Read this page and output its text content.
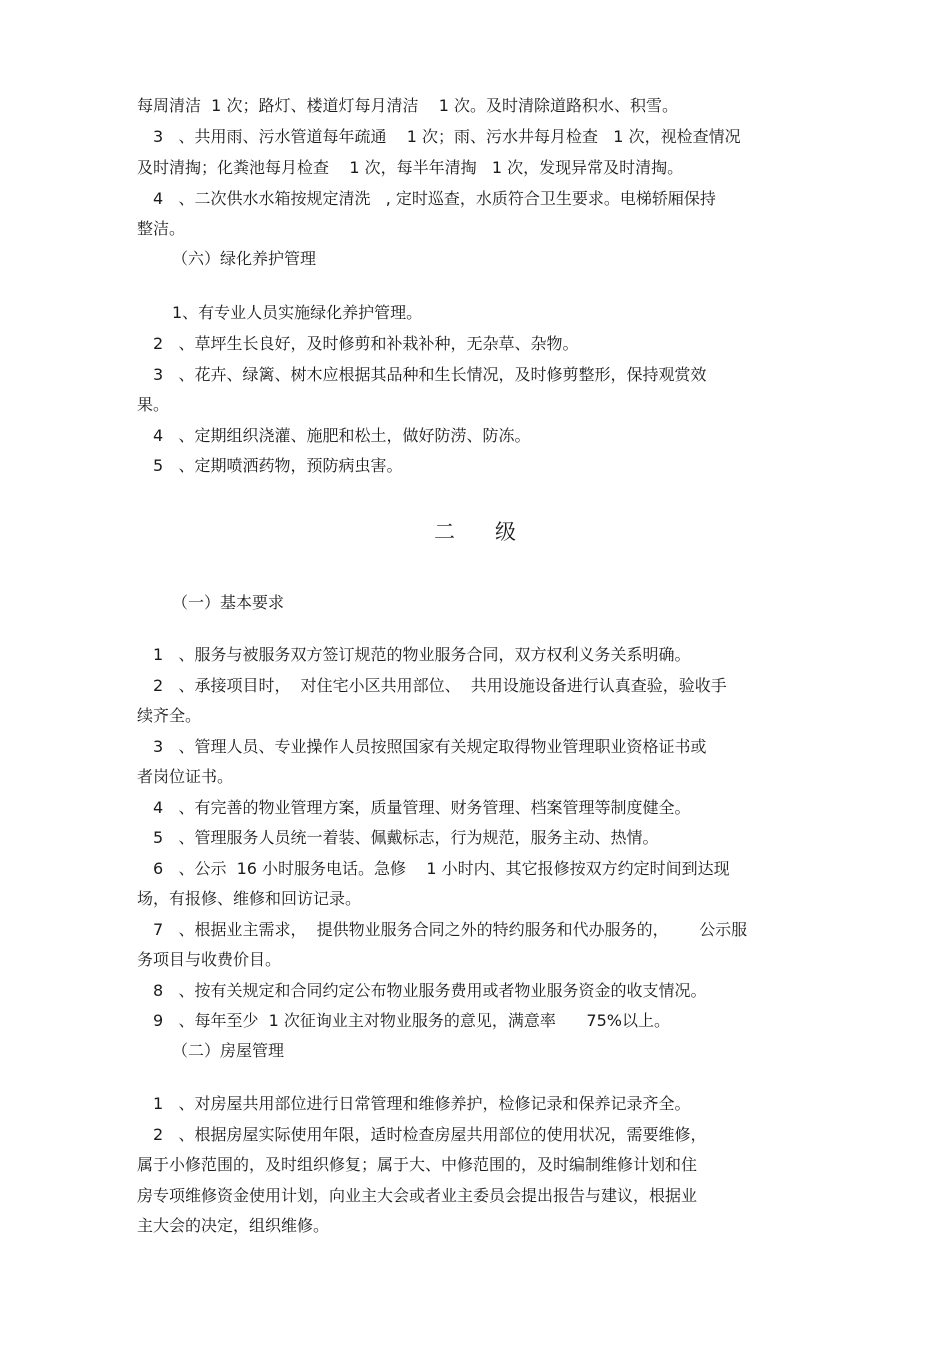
每周清洁  1 次；路灯、楼道灯每月清洁    1 次。及时清除道路积水、积雪。

3   、共用雨、污水管道每年疏通    1 次；雨、污水井每月检查   1 次，视检查情况

及时清掏；化粪池每月检查    1 次，每半年清掏   1 次，发现异常及时清掏。

4   、二次供水水箱按规定清洗   , 定时巡查，水质符合卫生要求。电梯轿厢保持

整洁。

（六）绿化养护管理

1、有专业人员实施绿化养护管理。

2   、草坪生长良好，及时修剪和补栽补种，无杂草、杂物。

3   、花卉、绿篱、树木应根据其品种和生长情况，及时修剪整形，保持观赏效

果。

4   、定期组织浇灌、施肥和松土，做好防涝、防冻。

5   、定期喷洒药物，预防病虫害。

二      级

（一）基本要求

1   、服务与被服务双方签订规范的物业服务合同，双方权利义务关系明确。

2   、承接项目时，  对住宅小区共用部位、  共用设施设备进行认真查验，验收手

续齐全。

3   、管理人员、专业操作人员按照国家有关规定取得物业管理职业资格证书或

者岗位证书。

4   、有完善的物业管理方案，质量管理、财务管理、档案管理等制度健全。

5   、管理服务人员统一着装、佩戴标志，行为规范，服务主动、热情。

6   、公示  16 小时服务电话。急修    1 小时内、其它报修按双方约定时间到达现

场，有报修、维修和回访记录。

7   、根据业主需求，  提供物业服务合同之外的特约服务和代办服务的，      公示服

务项目与收费价目。

8   、按有关规定和合同约定公布物业服务费用或者物业服务资金的收支情况。

9   、每年至少  1 次征询业主对物业服务的意见，满意率      75%以上。

（二）房屋管理

1   、对房屋共用部位进行日常管理和维修养护，检修记录和保养记录齐全。

2   、根据房屋实际使用年限，适时检查房屋共用部位的使用状况，需要维修，

属于小修范围的，及时组织修复；属于大、中修范围的，及时编制维修计划和住

房专项维修资金使用计划，向业主大会或者业主委员会提出报告与建议，根据业

主大会的决定，组织维修。
